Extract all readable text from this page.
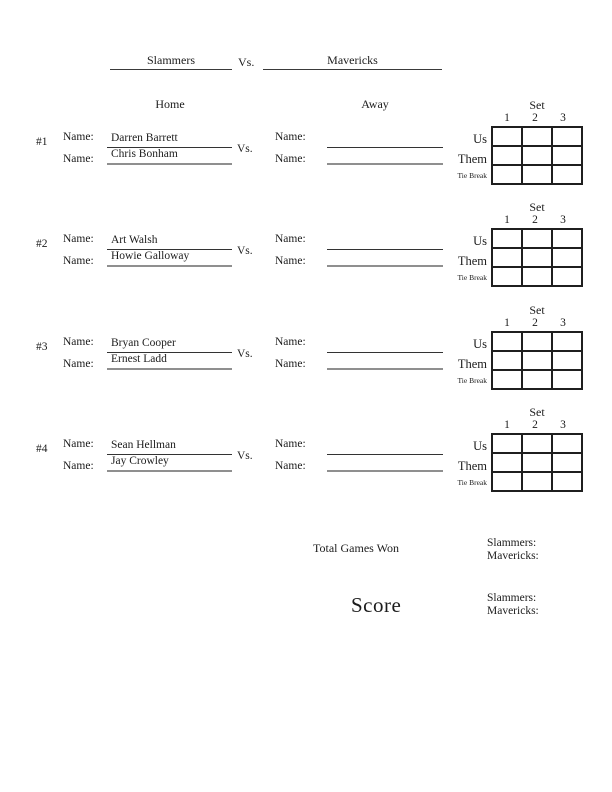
Slammers	Vs.	Mavericks
Home	Away
#1 Name: Darren Barrett
Name: Chris Bonham	Vs.
Name:
Name:
Set
1	2	3
Us
Them
Tie Break

#2 Name: Art Walsh
Name: Howie Galloway	Vs.
Name:
Name:
Set
1	2	3
Us
Them
Tie Break

#3 Name: Bryan Cooper
Name: Ernest Ladd	Vs.
Name:
Name:
Set
1	2	3
Us
Them
Tie Break

#4 Name: Sean Hellman
Name: Jay Crowley	Vs.
Name:
Name:
Set
1	2	3
Us
Them
Tie Break

Total Games Won	Slammers:
Mavericks:
Score	Slammers:
Mavericks:
